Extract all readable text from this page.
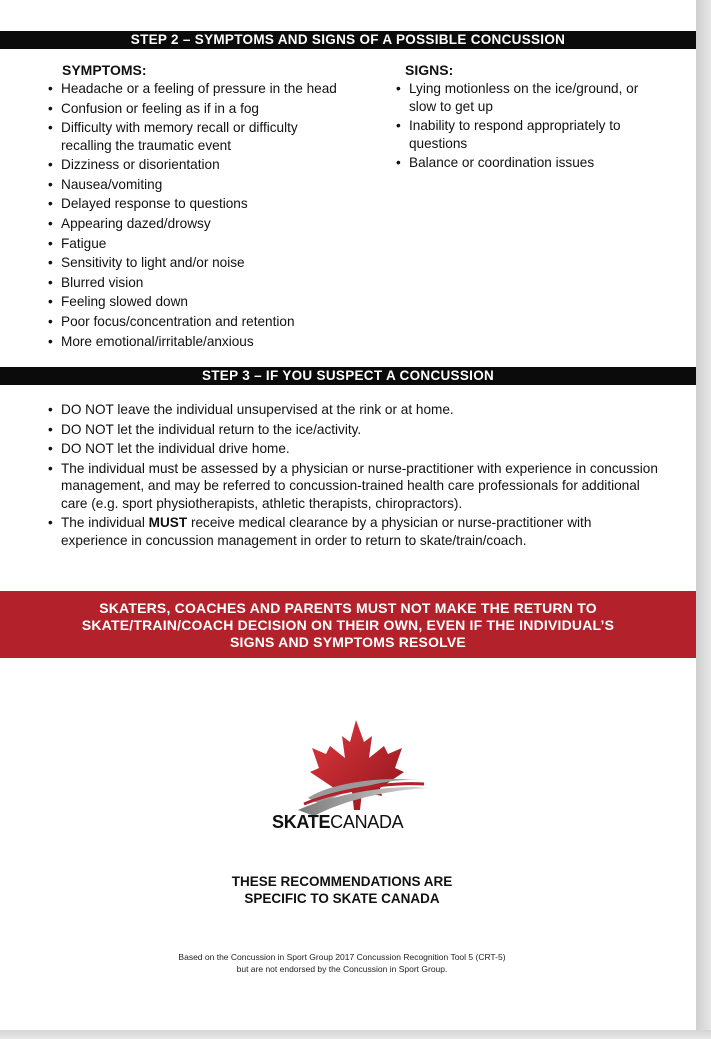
STEP 2 – SYMPTOMS AND SIGNS OF A POSSIBLE CONCUSSION
SYMPTOMS:	SIGNS:
• Headache or a feeling of pressure in the head
• Confusion or feeling as if in a fog
• Difficulty with memory recall or difficulty recalling the traumatic event
• Dizziness or disorientation
• Nausea/vomiting
• Delayed response to questions
• Appearing dazed/drowsy
• Fatigue
• Sensitivity to light and/or noise
• Blurred vision
• Feeling slowed down
• Poor focus/concentration and retention
• More emotional/irritable/anxious
• Lying motionless on the ice/ground, or slow to get up
• Inability to respond appropriately to questions
• Balance or coordination issues
STEP 3 – IF YOU SUSPECT A CONCUSSION
• DO NOT leave the individual unsupervised at the rink or at home.
• DO NOT let the individual return to the ice/activity.
• DO NOT let the individual drive home.
• The individual must be assessed by a physician or nurse-practitioner with experience in concussion management, and may be referred to concussion-trained health care professionals for additional care (e.g. sport physiotherapists, athletic therapists, chiropractors).
• The individual MUST receive medical clearance by a physician or nurse-practitioner with experience in concussion management in order to return to skate/train/coach.
SKATERS, COACHES AND PARENTS MUST NOT MAKE THE RETURN TO
SKATE/TRAIN/COACH DECISION ON THEIR OWN, EVEN IF THE INDIVIDUAL’S
SIGNS AND SYMPTOMS RESOLVE
SKATECANADA
THESE RECOMMENDATIONS ARE
SPECIFIC TO SKATE CANADA
Based on the Concussion in Sport Group 2017 Concussion Recognition Tool 5 (CRT-5)
but are not endorsed by the Concussion in Sport Group.
